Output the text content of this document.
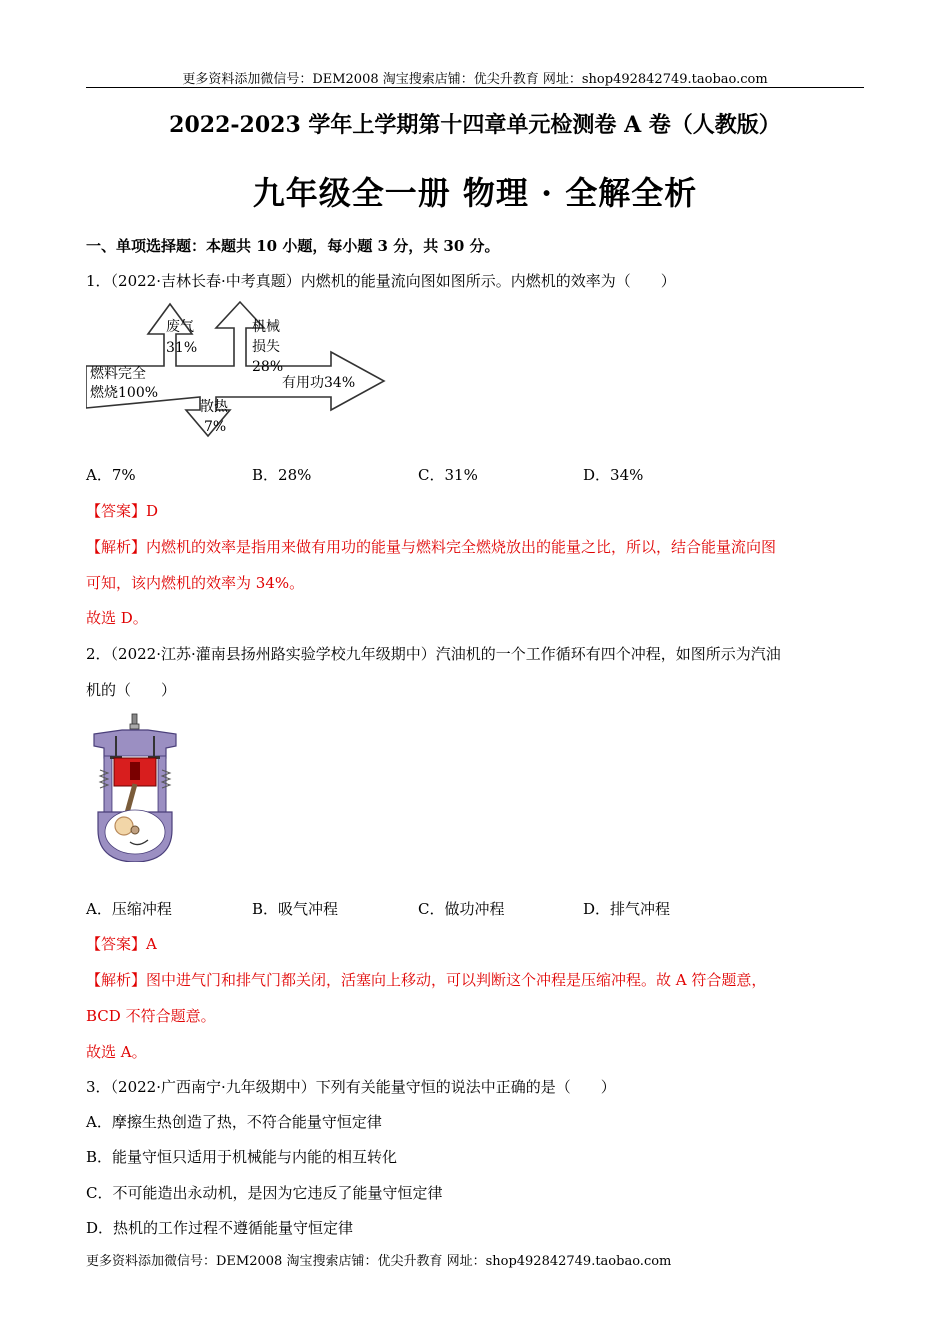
更多资料添加微信号：DEM2008 淘宝搜索店铺：优尖升教育 网址：shop492842749.taobao.com
2022-2023 学年上学期第十四章单元检测卷 A 卷（人教版）
九年级全一册 物理 · 全解全析
一、单项选择题：本题共 10 小题，每小题 3 分，共 30 分。
1．（2022·吉林长春·中考真题）内燃机的能量流向图如图所示。内燃机的效率为（　　）
燃料完全
燃烧100%
废气
31%
机械
损失
28%
有用功34%
散热
7%
A．7%	B．28%	C．31%	D．34%
【答案】D
【解析】内燃机的效率是指用来做有用功的能量与燃料完全燃烧放出的能量之比，所以，结合能量流向图
可知，该内燃机的效率为 34%。
故选 D。
2．（2022·江苏·灌南县扬州路实验学校九年级期中）汽油机的一个工作循环有四个冲程，如图所示为汽油
机的（　　）
A．压缩冲程	B．吸气冲程	C．做功冲程	D．排气冲程
【答案】A
【解析】图中进气门和排气门都关闭，活塞向上移动，可以判断这个冲程是压缩冲程。故 A 符合题意，
BCD 不符合题意。
故选 A。
3．（2022·广西南宁·九年级期中）下列有关能量守恒的说法中正确的是（　　）
A．摩擦生热创造了热，不符合能量守恒定律
B．能量守恒只适用于机械能与内能的相互转化
C．不可能造出永动机，是因为它违反了能量守恒定律
D．热机的工作过程不遵循能量守恒定律
更多资料添加微信号：DEM2008 淘宝搜索店铺：优尖升教育 网址：shop492842749.taobao.com
